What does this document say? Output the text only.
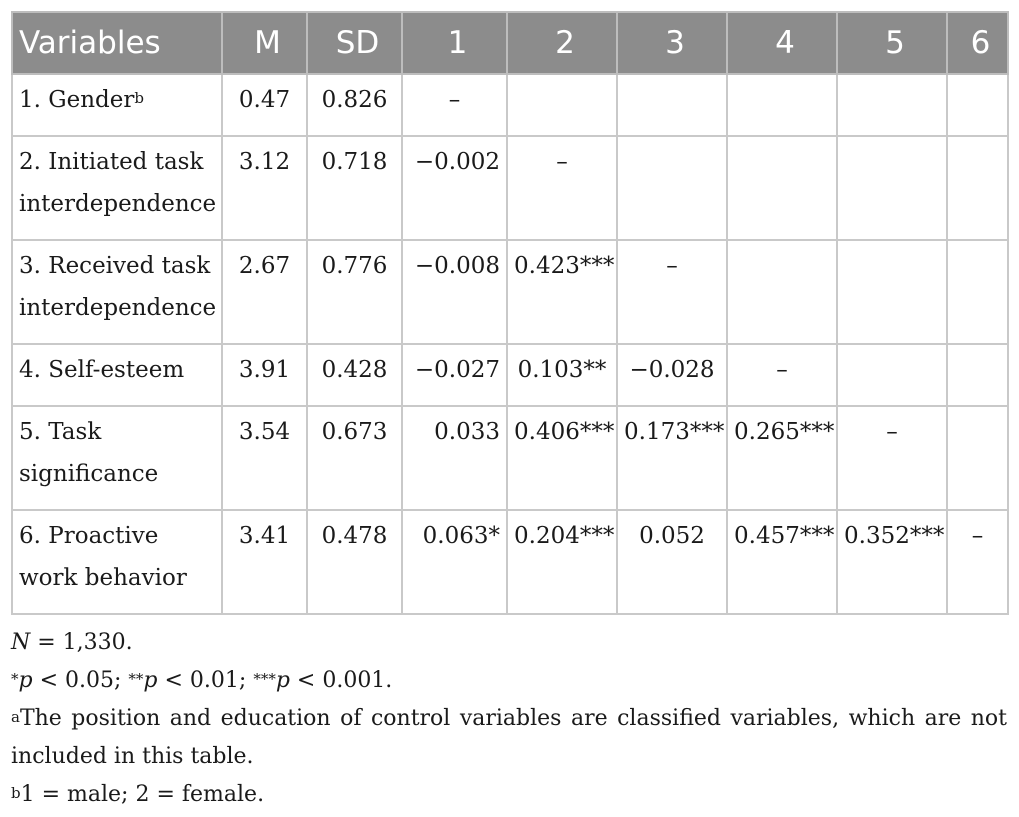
Variables	M	SD	1	2	3	4	5	6

1. Gender$^b$	0.47	0.826	–					

2. Initiated task
interdependence	3.12	0.718	−0.002	–				

3. Received task
interdependence	2.67	0.776	−0.008	0.423***	–			

4. Self-esteem	3.91	0.428	−0.027	0.103**	−0.028	–		

5. Task
significance	3.54	0.673	0.033	0.406***	0.173***	0.265***	–	

6. Proactive
work behavior	3.41	0.478	0.063*	0.204***	0.052	0.457***	0.352***	–

N = 1,330.

*p < 0.05; **p < 0.01; ***p < 0.001.

$^a$The position and education of control variables are classified variables, which are not included in this table.

$^b$1 = male; 2 = female.
